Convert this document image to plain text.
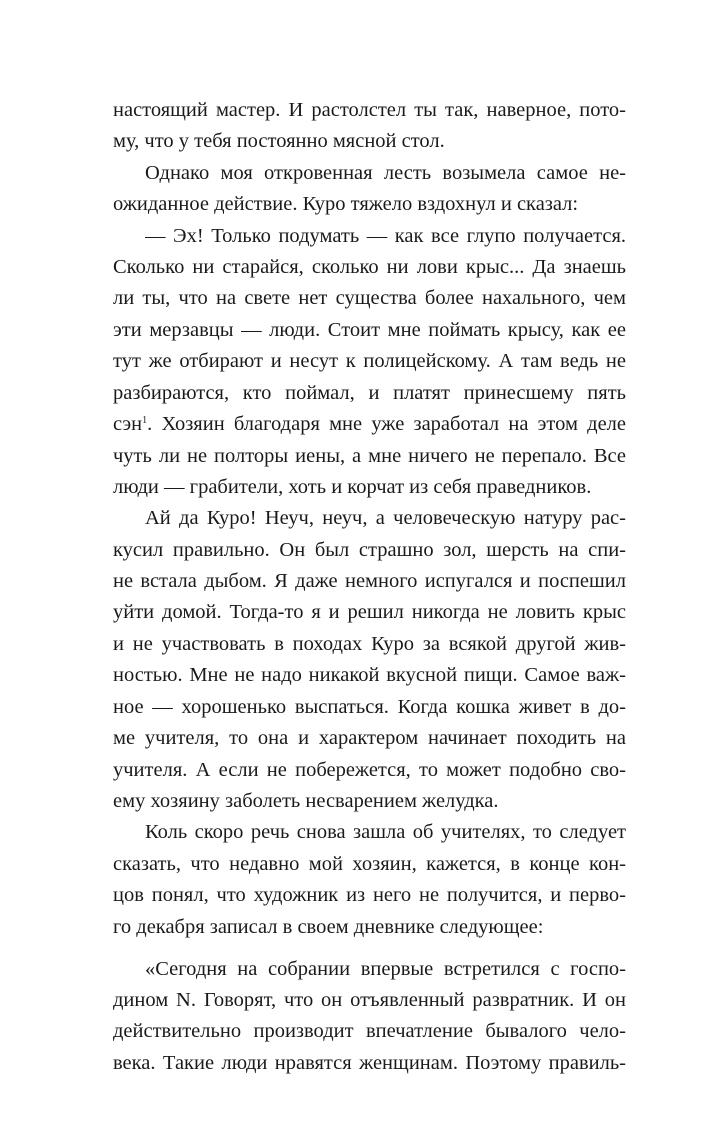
настоящий мастер. И растолстел ты так, наверное, пото-
му, что у тебя постоянно мясной стол.
Однако моя откровенная лесть возымела самое не-
ожиданное действие. Куро тяжело вздохнул и сказал:
— Эх! Только подумать — как все глупо получается.
Сколько ни старайся, сколько ни лови крыс... Да знаешь
ли ты, что на свете нет существа более нахального, чем
эти мерзавцы — люди. Стоит мне поймать крысу, как ее
тут же отбирают и несут к полицейскому. А там ведь не
разбираются, кто поймал, и платят принесшему пять
сэн$^1$. Хозяин благодаря мне уже заработал на этом деле
чуть ли не полторы иены, а мне ничего не перепало. Все
люди — грабители, хоть и корчат из себя праведников.
Ай да Куро! Неуч, неуч, а человеческую натуру рас-
кусил правильно. Он был страшно зол, шерсть на спи-
не встала дыбом. Я даже немного испугался и поспешил
уйти домой. Тогда-то я и решил никогда не ловить крыс
и не участвовать в походах Куро за всякой другой жив-
ностью. Мне не надо никакой вкусной пищи. Самое важ-
ное — хорошенько выспаться. Когда кошка живет в до-
ме учителя, то она и характером начинает походить на
учителя. А если не побережется, то может подобно сво-
ему хозяину заболеть несварением желудка.
Коль скоро речь снова зашла об учителях, то следует
сказать, что недавно мой хозяин, кажется, в конце кон-
цов понял, что художник из него не получится, и перво-
го декабря записал в своем дневнике следующее:
«Сегодня на собрании впервые встретился с госпо-
дином N. Говорят, что он отъявленный развратник. И он
действительно производит впечатление бывалого чело-
века. Такие люди нравятся женщинам. Поэтому правиль-
